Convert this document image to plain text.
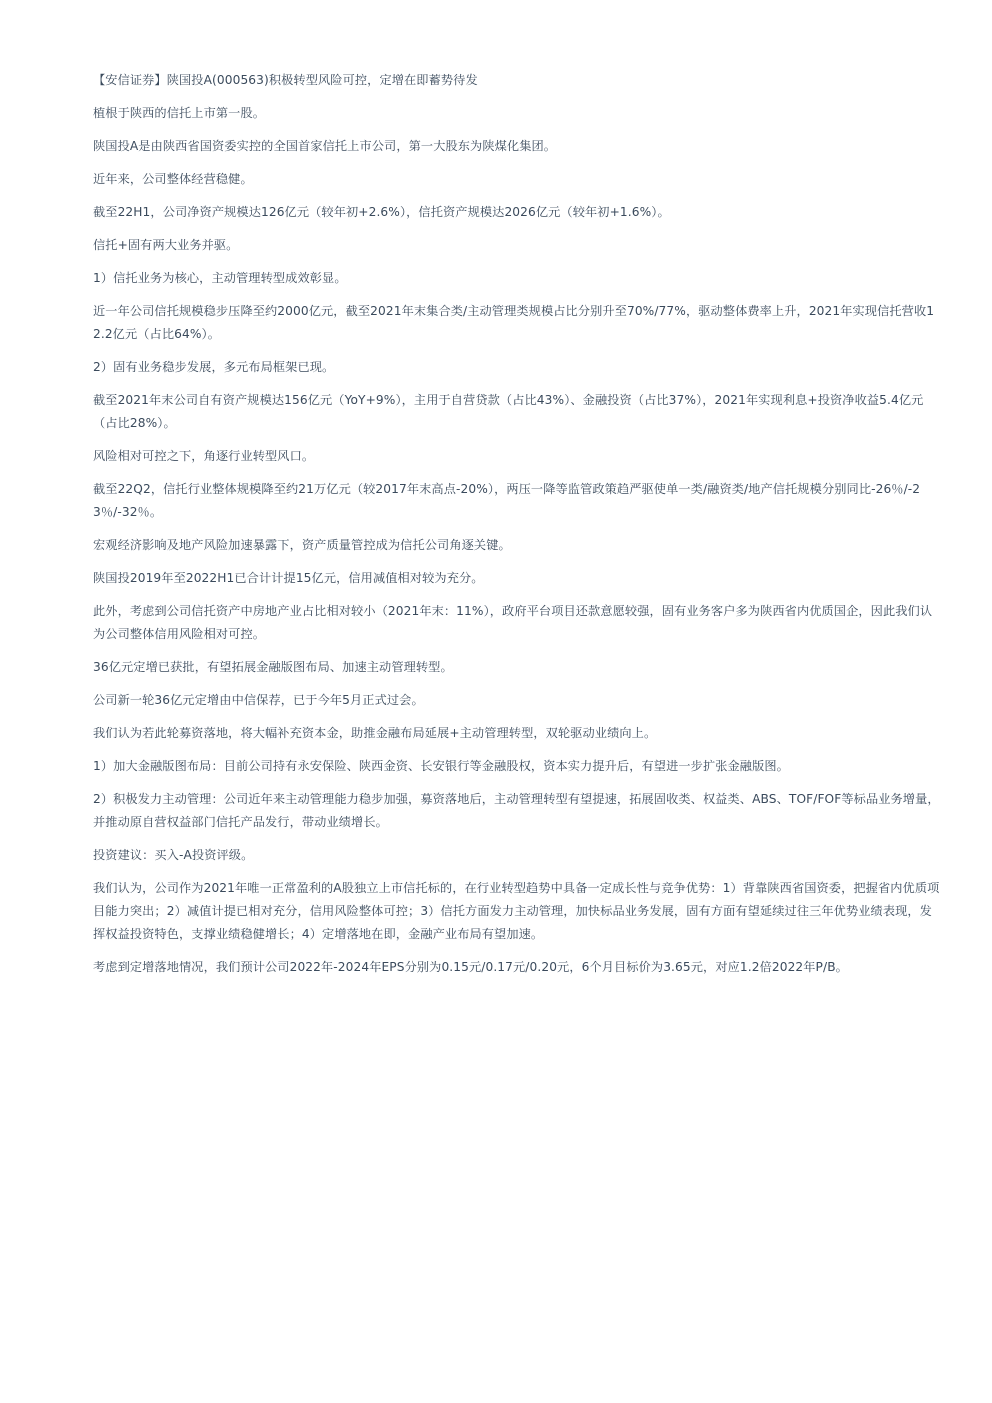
【安信证券】陕国投A(000563)积极转型风险可控，定增在即蓄势待发

植根于陕西的信托上市第一股。

陕国投A是由陕西省国资委实控的全国首家信托上市公司，第一大股东为陕煤化集团。

近年来，公司整体经营稳健。

截至22H1，公司净资产规模达126亿元（较年初+2.6%），信托资产规模达2026亿元（较年初+1.6%）。

信托+固有两大业务并驱。

1）信托业务为核心，主动管理转型成效彰显。

近一年公司信托规模稳步压降至约2000亿元，截至2021年末集合类/主动管理类规模占比分别升至70%/77%，驱动整体费率上升，2021年实现信托营收12.2亿元（占比64%）。

2）固有业务稳步发展，多元布局框架已现。

截至2021年末公司自有资产规模达156亿元（YoY+9%），主用于自营贷款（占比43%）、金融投资（占比37%），2021年实现利息+投资净收益5.4亿元（占比28%）。

风险相对可控之下，角逐行业转型风口。

截至22Q2，信托行业整体规模降至约21万亿元（较2017年末高点-20%），两压一降等监管政策趋严驱使单一类/融资类/地产信托规模分别同比-26％/-23％/-32％。

宏观经济影响及地产风险加速暴露下，资产质量管控成为信托公司角逐关键。

陕国投2019年至2022H1已合计计提15亿元，信用减值相对较为充分。

此外，考虑到公司信托资产中房地产业占比相对较小（2021年末：11%），政府平台项目还款意愿较强，固有业务客户多为陕西省内优质国企，因此我们认为公司整体信用风险相对可控。

36亿元定增已获批，有望拓展金融版图布局、加速主动管理转型。

公司新一轮36亿元定增由中信保荐，已于今年5月正式过会。

我们认为若此轮募资落地，将大幅补充资本金，助推金融布局延展+主动管理转型，双轮驱动业绩向上。

1）加大金融版图布局：目前公司持有永安保险、陕西金资、长安银行等金融股权，资本实力提升后，有望进一步扩张金融版图。

2）积极发力主动管理：公司近年来主动管理能力稳步加强，募资落地后，主动管理转型有望提速，拓展固收类、权益类、ABS、TOF/FOF等标品业务增量，并推动原自营权益部门信托产品发行，带动业绩增长。

投资建议：买入-A投资评级。

我们认为，公司作为2021年唯一正常盈利的A股独立上市信托标的，在行业转型趋势中具备一定成长性与竞争优势：1）背靠陕西省国资委，把握省内优质项目能力突出；2）减值计提已相对充分，信用风险整体可控；3）信托方面发力主动管理，加快标品业务发展，固有方面有望延续过往三年优势业绩表现，发挥权益投资特色，支撑业绩稳健增长；4）定增落地在即，金融产业布局有望加速。

考虑到定增落地情况，我们预计公司2022年-2024年EPS分别为0.15元/0.17元/0.20元，6个月目标价为3.65元，对应1.2倍2022年P/B。
